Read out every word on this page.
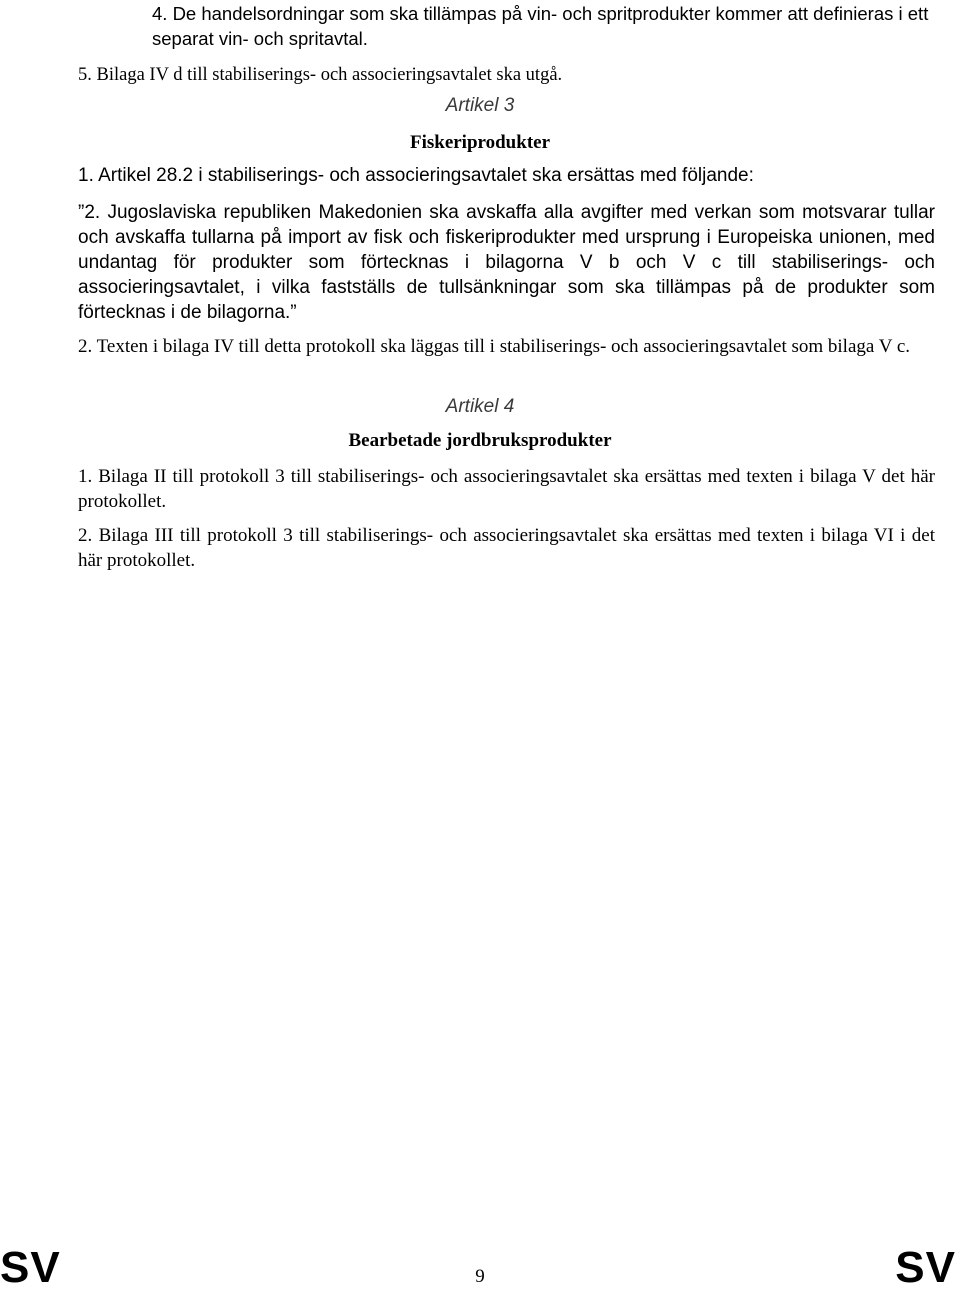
4. De handelsordningar som ska tillämpas på vin- och spritprodukter kommer att definieras i ett separat vin- och spritavtal.

5. Bilaga IV d till stabiliserings- och associeringsavtalet ska utgå.

Artikel 3

Fiskeriprodukter

1. Artikel 28.2 i stabiliserings- och associeringsavtalet ska ersättas med följande:

”2. Jugoslaviska republiken Makedonien ska avskaffa alla avgifter med verkan som motsvarar tullar och avskaffa tullarna på import av fisk och fiskeriprodukter med ursprung i Europeiska unionen, med undantag för produkter som förtecknas i bilagorna V b och V c till stabiliserings- och associeringsavtalet, i vilka fastställs de tullsänkningar som ska tillämpas på de produkter som förtecknas i de bilagorna.”

2. Texten i bilaga IV till detta protokoll ska läggas till i stabiliserings- och associeringsavtalet som bilaga V c.

Artikel 4

Bearbetade jordbruksprodukter

1. Bilaga II till protokoll 3 till stabiliserings- och associeringsavtalet ska ersättas med texten i bilaga V det här protokollet.

2. Bilaga III till protokoll 3 till stabiliserings- och associeringsavtalet ska ersättas med texten i bilaga VI i det här protokollet.

SV	9	SV
